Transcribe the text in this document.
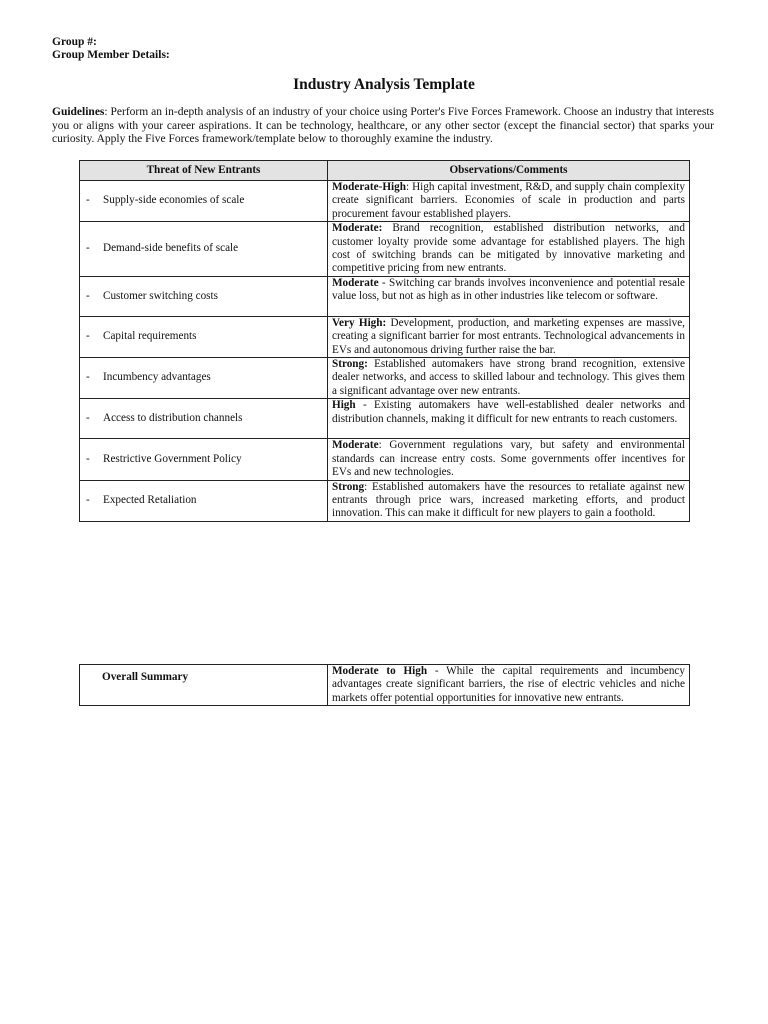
Group #:
Group Member Details:
Industry Analysis Template
Guidelines: Perform an in-depth analysis of an industry of your choice using Porter's Five Forces Framework. Choose an industry that interests you or aligns with your career aspirations. It can be technology, healthcare, or any other sector (except the financial sector) that sparks your curiosity. Apply the Five Forces framework/template below to thoroughly examine the industry.
Threat of New Entrants	Observations/Comments
- Supply-side economies of scale	Moderate-High: High capital investment, R&D, and supply chain complexity create significant barriers. Economies of scale in production and parts procurement favour established players.
- Demand-side benefits of scale	Moderate: Brand recognition, established distribution networks, and customer loyalty provide some advantage for established players. The high cost of switching brands can be mitigated by innovative marketing and competitive pricing from new entrants.
- Customer switching costs	Moderate - Switching car brands involves inconvenience and potential resale value loss, but not as high as in other industries like telecom or software.
- Capital requirements	Very High: Development, production, and marketing expenses are massive, creating a significant barrier for most entrants. Technological advancements in EVs and autonomous driving further raise the bar.
- Incumbency advantages	Strong: Established automakers have strong brand recognition, extensive dealer networks, and access to skilled labour and technology. This gives them a significant advantage over new entrants.
- Access to distribution channels	High - Existing automakers have well-established dealer networks and distribution channels, making it difficult for new entrants to reach customers.
- Restrictive Government Policy	Moderate: Government regulations vary, but safety and environmental standards can increase entry costs. Some governments offer incentives for EVs and new technologies.
- Expected Retaliation	Strong: Established automakers have the resources to retaliate against new entrants through price wars, increased marketing efforts, and product innovation. This can make it difficult for new players to gain a foothold.
Overall Summary	Moderate to High - While the capital requirements and incumbency advantages create significant barriers, the rise of electric vehicles and niche markets offer potential opportunities for innovative new entrants.
